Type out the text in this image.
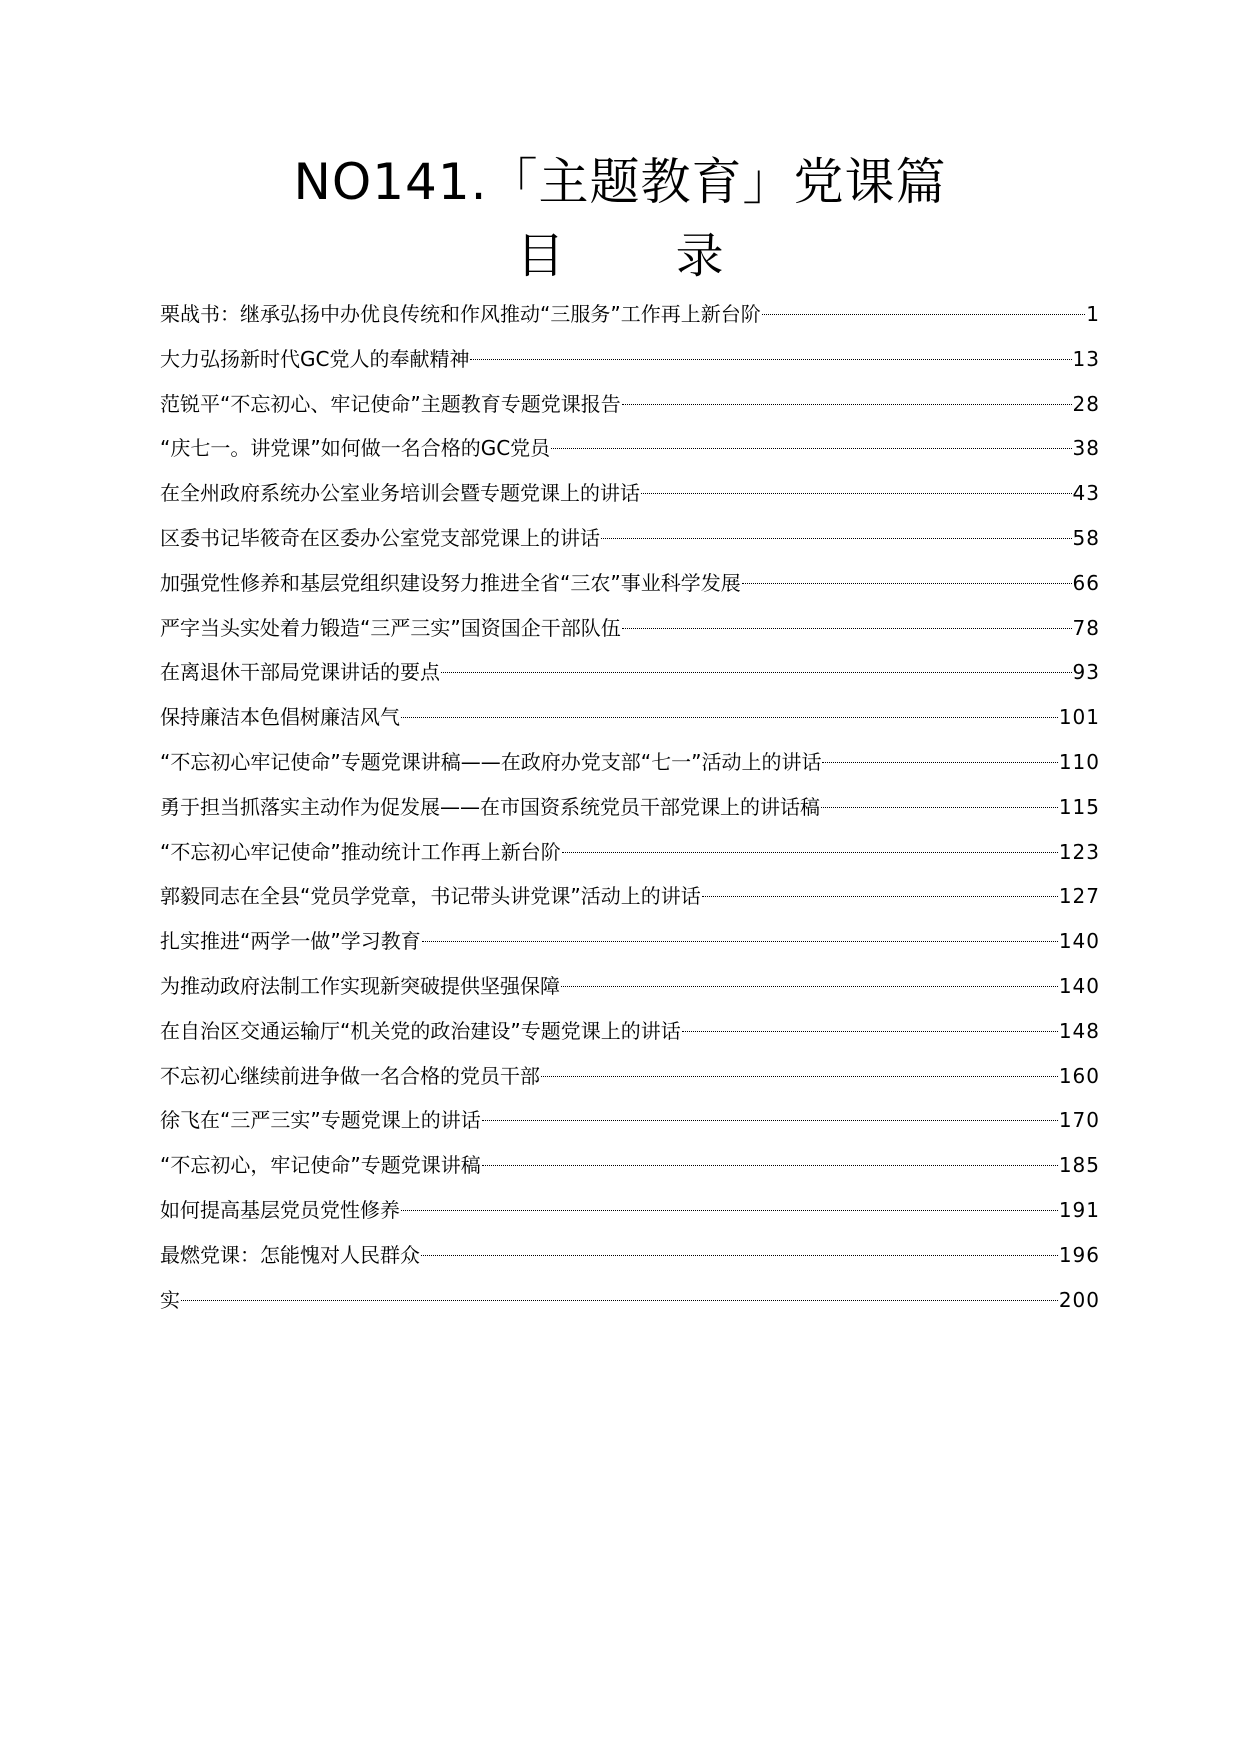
NO141.「主题教育」党课篇
目 录
栗战书：继承弘扬中办优良传统和作风推动“三服务”工作再上新台阶	1
大力弘扬新时代GC党人的奉献精神	13
范锐平“不忘初心、牢记使命”主题教育专题党课报告	28
“庆七一。讲党课”如何做一名合格的GC党员	38
在全州政府系统办公室业务培训会暨专题党课上的讲话	43
区委书记毕筱奇在区委办公室党支部党课上的讲话	58
加强党性修养和基层党组织建设努力推进全省“三农”事业科学发展	66
严字当头实处着力锻造“三严三实”国资国企干部队伍	78
在离退休干部局党课讲话的要点	93
保持廉洁本色倡树廉洁风气	101
“不忘初心牢记使命”专题党课讲稿——在政府办党支部“七一”活动上的讲话	110
勇于担当抓落实主动作为促发展——在市国资系统党员干部党课上的讲话稿	115
“不忘初心牢记使命”推动统计工作再上新台阶	123
郭毅同志在全县“党员学党章，书记带头讲党课”活动上的讲话	127
扎实推进“两学一做”学习教育	140
为推动政府法制工作实现新突破提供坚强保障	140
在自治区交通运输厅“机关党的政治建设”专题党课上的讲话	148
不忘初心继续前进争做一名合格的党员干部	160
徐飞在“三严三实”专题党课上的讲话	170
“不忘初心，牢记使命”专题党课讲稿	185
如何提高基层党员党性修养	191
最燃党课：怎能愧对人民群众	196
实	200
